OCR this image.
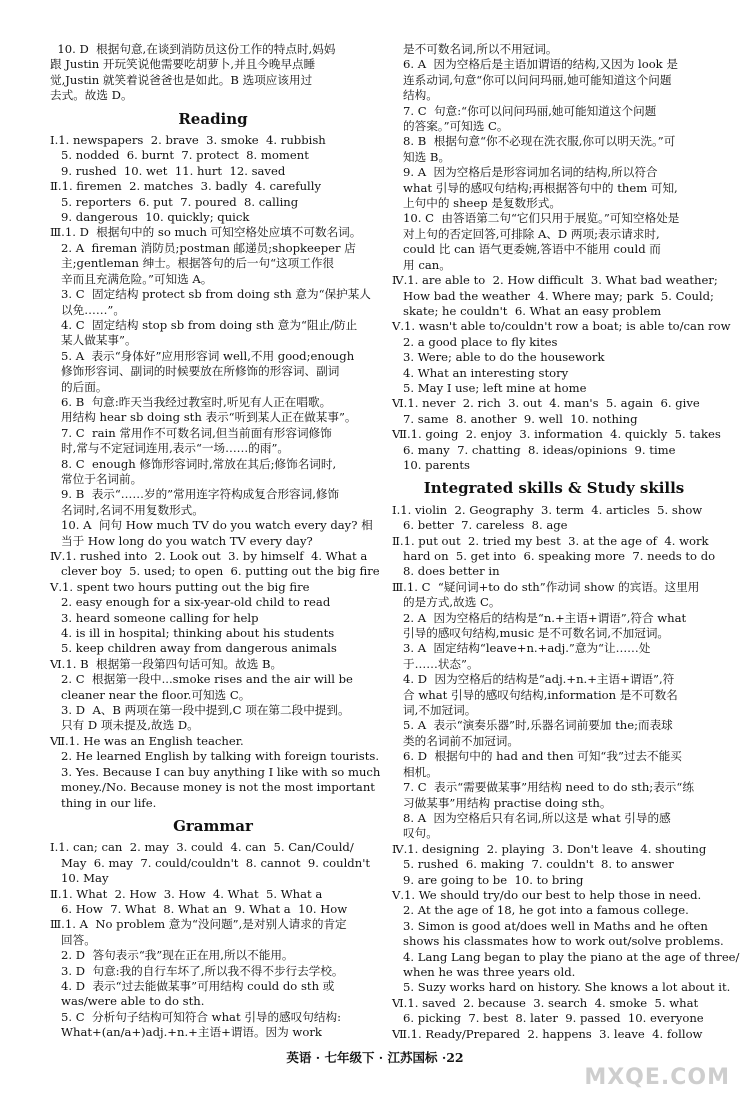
10. D  根据句意,在谈到消防员这份工作的特点时,妈妈
跟 Justin 开玩笑说他需要吃胡萝卜,并且今晚早点睡
觉,Justin 就笑着说爸爸也是如此。B 选项应该用过
去式。故选 D。
Reading
Ⅰ.1. newspapers  2. brave  3. smoke  4. rubbish
5. nodded  6. burnt  7. protect  8. moment
9. rushed  10. wet  11. hurt  12. saved
Ⅱ.1. firemen  2. matches  3. badly  4. carefully
5. reporters  6. put  7. poured  8. calling
9. dangerous  10. quickly; quick
Ⅲ.1. D  根据句中的 so much 可知空格处应填不可数名词。
2. A  fireman 消防员;postman 邮递员;shopkeeper 店
主;gentleman 绅士。根据答句的后一句“这项工作很
辛而且充满危险。”可知选 A。
3. C  固定结构 protect sb from doing sth 意为“保护某人
以免……”。
4. C  固定结构 stop sb from doing sth 意为“阻止/防止
某人做某事”。
5. A  表示“身体好”应用形容词 well,不用 good;enough
修饰形容词、副词的时候要放在所修饰的形容词、副词
的后面。
6. B  句意:昨天当我经过教室时,听见有人正在唱歌。
用结构 hear sb doing sth 表示“听到某人正在做某事”。
7. C  rain 常用作不可数名词,但当前面有形容词修饰
时,常与不定冠词连用,表示“一场……的雨”。
8. C  enough 修饰形容词时,常放在其后;修饰名词时,
常位于名词前。
9. B  表示“……岁的”常用连字符构成复合形容词,修饰
名词时,名词不用复数形式。
10. A  问句 How much TV do you watch every day? 相
当于 How long do you watch TV every day?
Ⅳ.1. rushed into  2. Look out  3. by himself  4. What a
clever boy  5. used; to open  6. putting out the big fire
Ⅴ.1. spent two hours putting out the big fire
2. easy enough for a six-year-old child to read
3. heard someone calling for help
4. is ill in hospital; thinking about his students
5. keep children away from dangerous animals
Ⅵ.1. B  根据第一段第四句话可知。故选 B。
2. C  根据第一段中...smoke rises and the air will be
cleaner near the floor.可知选 C。
3. D  A、B 两项在第一段中提到,C 项在第二段中提到。
只有 D 项未提及,故选 D。
Ⅶ.1. He was an English teacher.
2. He learned English by talking with foreign tourists.
3. Yes. Because I can buy anything I like with so much
money./No. Because money is not the most important
thing in our life.
Grammar
Ⅰ.1. can; can  2. may  3. could  4. can  5. Can/Could/
May  6. may  7. could/couldn't  8. cannot  9. couldn't
10. May
Ⅱ.1. What  2. How  3. How  4. What  5. What a
6. How  7. What  8. What an  9. What a  10. How
Ⅲ.1. A  No problem 意为“没问题”,是对别人请求的肯定
回答。
2. D  答句表示“我”现在正在用,所以不能用。
3. D  句意:我的自行车坏了,所以我不得不步行去学校。
4. D  表示“过去能做某事”可用结构 could do sth 或
was/were able to do sth.
5. C  分析句子结构可知符合 what 引导的感叹句结构:
What+(an/a+)adj.+n.+主语+谓语。因为 work
是不可数名词,所以不用冠词。
6. A  因为空格后是主语加谓语的结构,又因为 look 是
连系动词,句意“你可以问问玛丽,她可能知道这个问题
结构。
7. C  句意:“你可以问问玛丽,她可能知道这个问题
的答案。”可知选 C。
8. B  根据句意“你不必现在洗衣服,你可以明天洗。”可
知选 B。
9. A  因为空格后是形容词加名词的结构,所以符合
what 引导的感叹句结构;再根据答句中的 them 可知,
上句中的 sheep 是复数形式。
10. C  由答语第二句“它们只用于展览。”可知空格处是
对上句的否定回答,可排除 A、D 两项;表示请求时,
could 比 can 语气更委婉,答语中不能用 could 而
用 can。
Ⅳ.1. are able to  2. How difficult  3. What bad weather;
How bad the weather  4. Where may; park  5. Could;
skate; he couldn't  6. What an easy problem
Ⅴ.1. wasn't able to/couldn't row a boat; is able to/can row
2. a good place to fly kites
3. Were; able to do the housework
4. What an interesting story
5. May I use; left mine at home
Ⅵ.1. never  2. rich  3. out  4. man's  5. again  6. give
7. same  8. another  9. well  10. nothing
Ⅶ.1. going  2. enjoy  3. information  4. quickly  5. takes
6. many  7. chatting  8. ideas/opinions  9. time
10. parents
Integrated skills & Study skills
Ⅰ.1. violin  2. Geography  3. term  4. articles  5. show
6. better  7. careless  8. age
Ⅱ.1. put out  2. tried my best  3. at the age of  4. work
hard on  5. get into  6. speaking more  7. needs to do
8. does better in
Ⅲ.1. C  “疑问词+to do sth”作动词 show 的宾语。这里用
的是方式,故选 C。
2. A  因为空格后的结构是“n.+主语+谓语”,符合 what
引导的感叹句结构,music 是不可数名词,不加冠词。
3. A  固定结构“leave+n.+adj.”意为“让……处
于……状态”。
4. D  因为空格后的结构是“adj.+n.+主语+谓语”,符
合 what 引导的感叹句结构,information 是不可数名
词,不加冠词。
5. A  表示“演奏乐器”时,乐器名词前要加 the;而表球
类的名词前不加冠词。
6. D  根据句中的 had and then 可知“我”过去不能买
相机。
7. C  表示“需要做某事”用结构 need to do sth;表示“练
习做某事”用结构 practise doing sth。
8. A  因为空格后只有名词,所以这是 what 引导的感
叹句。
Ⅳ.1. designing  2. playing  3. Don't leave  4. shouting
5. rushed  6. making  7. couldn't  8. to answer
9. are going to be  10. to bring
Ⅴ.1. We should try/do our best to help those in need.
2. At the age of 18, he got into a famous college.
3. Simon is good at/does well in Maths and he often
shows his classmates how to work out/solve problems.
4. Lang Lang began to play the piano at the age of three/
when he was three years old.
5. Suzy works hard on history. She knows a lot about it.
Ⅵ.1. saved  2. because  3. search  4. smoke  5. what
6. picking  7. best  8. later  9. passed  10. everyone
Ⅶ.1. Ready/Prepared  2. happens  3. leave  4. follow
英语 · 七年级下 · 江苏国标 ·22
MXQE.COM
